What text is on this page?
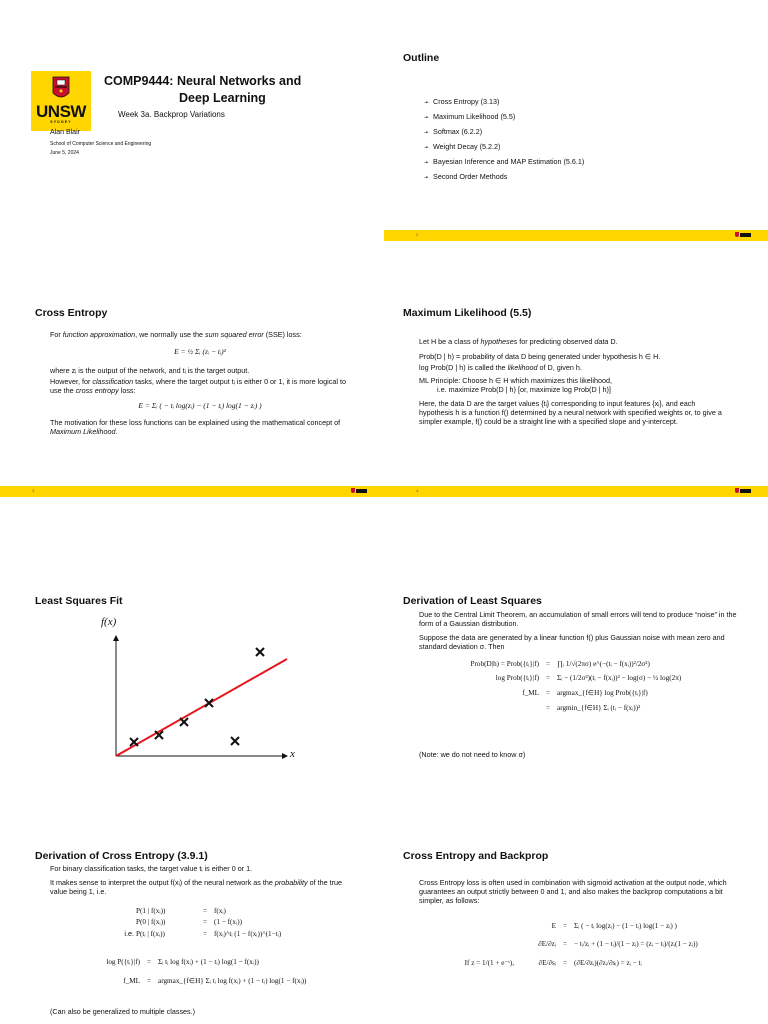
UNSW
SYDNEY
COMP9444: Neural Networks and
Deep Learning
Week 3a. Backprop Variations
Alan Blair
School of Computer Science and Engineering
June 5, 2024
Outline
➛ Cross Entropy (3.13)
➛ Maximum Likelihood (5.5)
➛ Softmax (6.2.2)
➛ Weight Decay (5.2.2)
➛ Bayesian Inference and MAP Estimation (5.6.1)
➛ Second Order Methods
2
Cross Entropy

For function approximation, we normally use the sum squared error (SSE) loss:

E = ½ Σᵢ (zᵢ − tᵢ)²

where zᵢ is the output of the network, and tᵢ is the target output.

However, for classification tasks, where the target output tᵢ is either 0 or 1, it is more logical to use the cross entropy loss:

E = Σᵢ ( − tᵢ log(zᵢ) − (1 − tᵢ) log(1 − zᵢ) )

The motivation for these loss functions can be explained using the mathematical concept of Maximum Likelihood.

3
Maximum Likelihood (5.5)

Let H be a class of hypotheses for predicting observed data D.

Prob(D | h) = probability of data D being generated under hypothesis h ∈ H.

log Prob(D | h) is called the likelihood of D, given h.

ML Principle: Choose h ∈ H which maximizes this likelihood,

i.e. maximize Prob(D | h) [or, maximize log Prob(D | h)]

Here, the data D are the target values {tᵢ} corresponding to input features {xᵢ}, and each hypothesis h is a function f() determined by a neural network with specified weights or, to give a simpler example, f() could be a straight line with a specified slope and y-intercept.

4
Least Squares Fit
f(x)
x
Derivation of Least Squares

Due to the Central Limit Theorem, an accumulation of small errors will tend to produce “noise” in the form of a Gaussian distribution.

Suppose the data are generated by a linear function f() plus Gaussian noise with mean zero and standard deviation σ. Then

Prob(D|h) = Prob({tᵢ}|f) = ∏ᵢ 1/√(2πσ) e^(−(tᵢ − f(xᵢ))²/2σ²)
log Prob({tᵢ}|f) = Σᵢ − (1/2σ²)(tᵢ − f(xᵢ))² − log(σ) − ½ log(2π)
f_ML = argmax_{f∈H} log Prob({tᵢ}|f)
= argmin_{f∈H} Σᵢ (tᵢ − f(xᵢ))²
(Note: we do not need to know σ)
Derivation of Cross Entropy (3.9.1)

For binary classification tasks, the target value tᵢ is either 0 or 1.

It makes sense to interpret the output f(xᵢ) of the neural network as the probability of the true value being 1, i.e.

P(1 | f(xᵢ))	= f(xᵢ)
P(0 | f(xᵢ))	= (1 − f(xᵢ))
i.e. P(tᵢ | f(xᵢ))	= f(xᵢ)^tᵢ (1 − f(xᵢ))^(1−tᵢ)
log P({tᵢ}|f) = Σᵢ tᵢ log f(xᵢ) + (1 − tᵢ) log(1 − f(xᵢ))
f_ML = argmax_{f∈H} Σᵢ tᵢ log f(xᵢ) + (1 − tᵢ) log(1 − f(xᵢ))
(Can also be generalized to multiple classes.)
Cross Entropy and Backprop

Cross Entropy loss is often used in combination with sigmoid activation at the output node, which guarantees an output strictly between 0 and 1, and also makes the backprop computations a bit simpler, as follows:

E = Σᵢ ( − tᵢ log(zᵢ) − (1 − tᵢ) log(1 − zᵢ) )
∂E/∂zᵢ = − tᵢ/zᵢ + (1 − tᵢ)/(1 − zᵢ) = (zᵢ − tᵢ)/(zᵢ(1 − zᵢ))
If z = 1/(1 + e⁻ˢ),	∂E/∂sᵢ = (∂E/∂zᵢ)(∂zᵢ/∂sᵢ) = zᵢ − tᵢ
